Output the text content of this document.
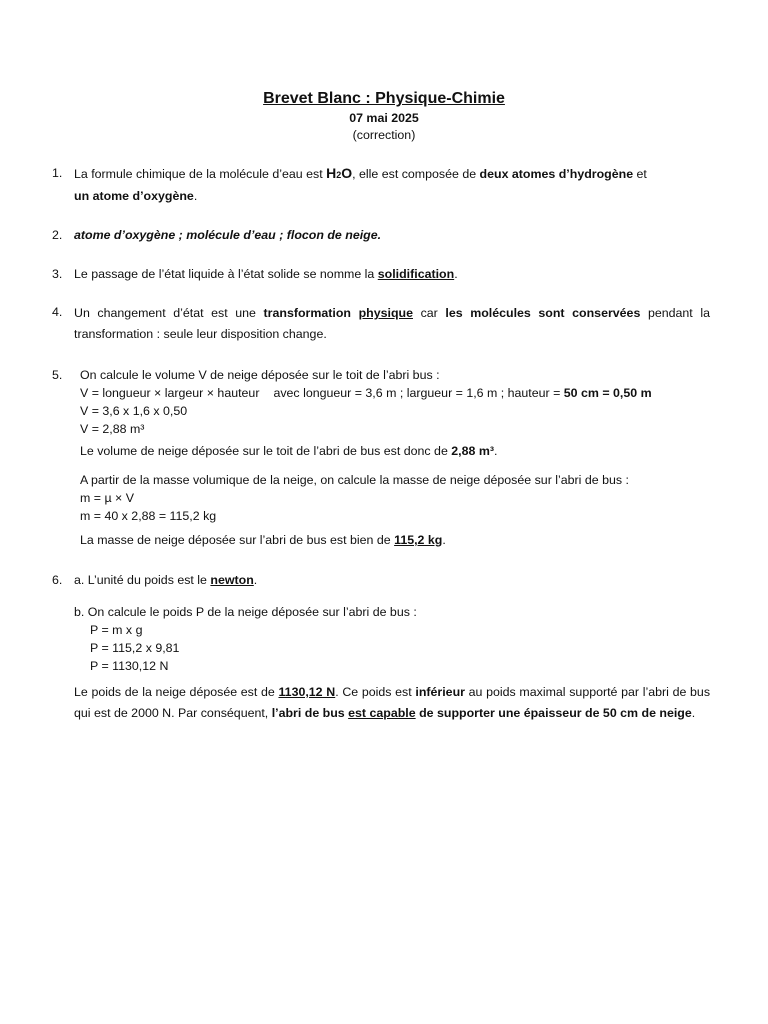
Brevet Blanc : Physique-Chimie
07 mai 2025
(correction)
1. La formule chimique de la molécule d’eau est H2O, elle est composée de deux atomes d’hydrogène et
un atome d’oxygène.
2. atome d’oxygène ; molécule d’eau ; flocon de neige.
3. Le passage de l’état liquide à l’état solide se nomme la solidification.
4. Un changement d’état est une transformation physique car les molécules sont conservées pendant la transformation : seule leur disposition change.
5. On calcule le volume V de neige déposée sur le toit de l’abri bus :
V = longueur × largeur × hauteur avec longueur = 3,6 m ; largueur = 1,6 m ; hauteur = 50 cm = 0,50 m
V = 3,6 x 1,6 x 0,50
V = 2,88 m³
Le volume de neige déposée sur le toit de l’abri de bus est donc de 2,88 m³.
A partir de la masse volumique de la neige, on calcule la masse de neige déposée sur l’abri de bus :
m = µ × V
m = 40 x 2,88 = 115,2 kg
La masse de neige déposée sur l’abri de bus est bien de 115,2 kg.
6. a. L’unité du poids est le newton.
b. On calcule le poids P de la neige déposée sur l’abri de bus :
P = m x g
P = 115,2 x 9,81
P = 1130,12 N
Le poids de la neige déposée est de 1130,12 N. Ce poids est inférieur au poids maximal supporté par l’abri de bus qui est de 2000 N. Par conséquent, l’abri de bus est capable de supporter une épaisseur de 50 cm de neige.
